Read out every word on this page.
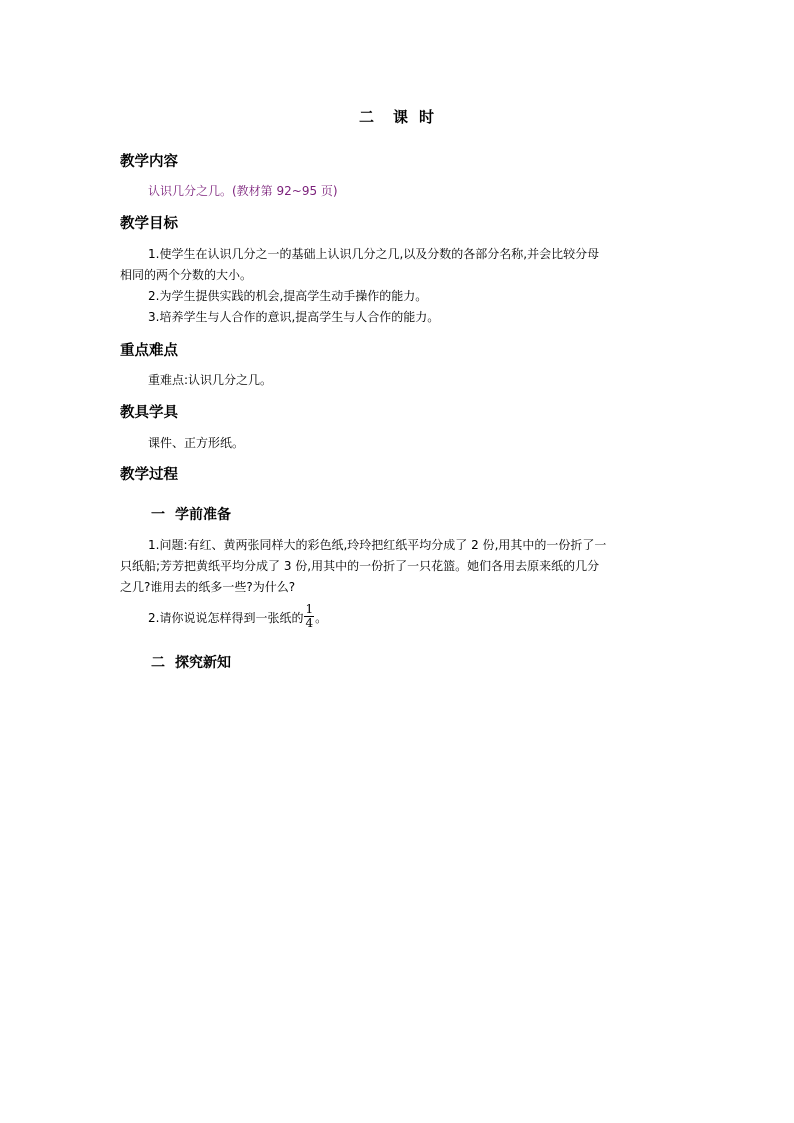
二 课 时
教学内容
认识几分之几。(教材第 92~95 页)
教学目标
1.使学生在认识几分之一的基础上认识几分之几,以及分数的各部分名称,并会比较分母
相同的两个分数的大小。
2.为学生提供实践的机会,提高学生动手操作的能力。
3.培养学生与人合作的意识,提高学生与人合作的能力。
重点难点
重难点:认识几分之几。
教具学具
课件、正方形纸。
教学过程
一 学前准备
1.问题:有红、黄两张同样大的彩色纸,玲玲把红纸平均分成了 2 份,用其中的一份折了一
只纸船;芳芳把黄纸平均分成了 3 份,用其中的一份折了一只花篮。她们各用去原来纸的几分
之几?谁用去的纸多一些?为什么?
2.请你说说怎样得到一张纸的 $\frac{1}{4}$ 。
二 探究新知
